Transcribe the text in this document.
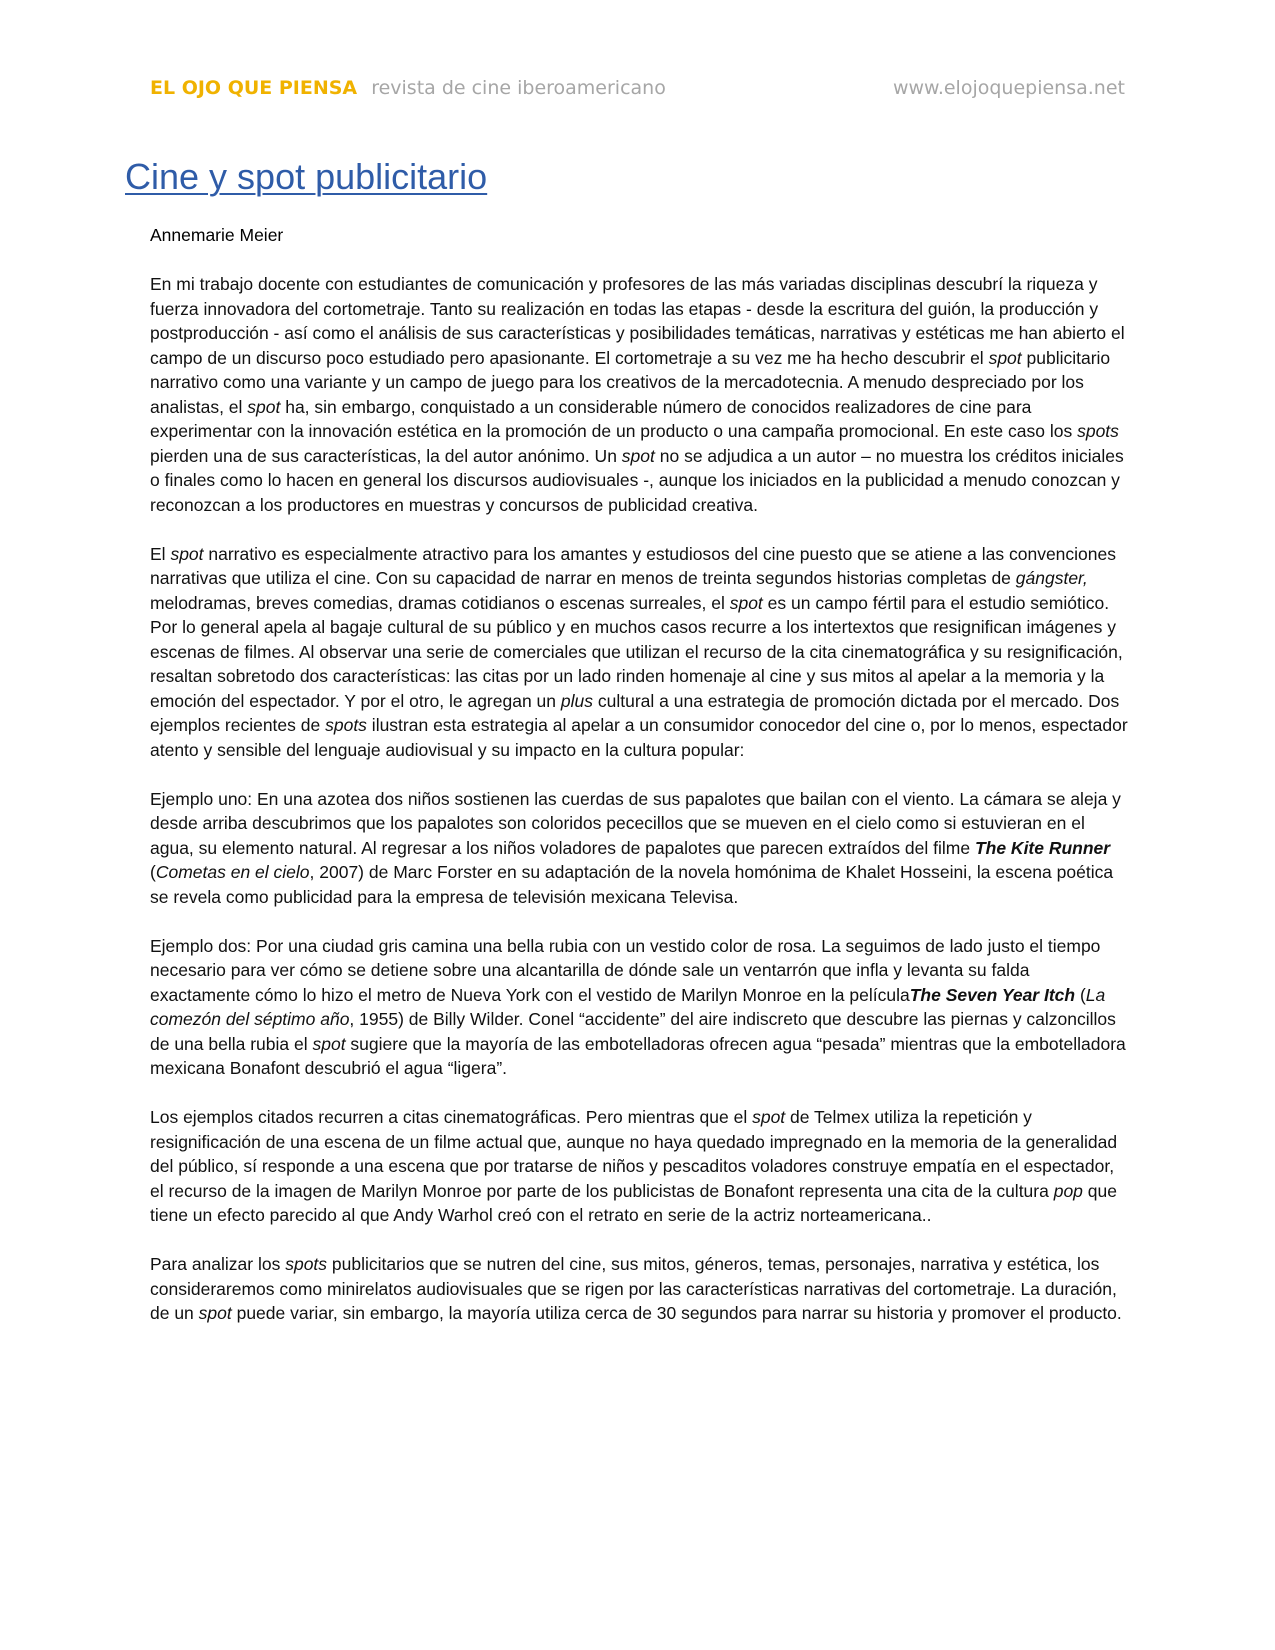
EL OJO QUE PIENSA revista de cine iberoamericano	www.elojoquepiensa.net
Cine y spot publicitario
Annemarie Meier

En mi trabajo docente con estudiantes de comunicación y profesores de las más variadas disciplinas descubrí la riqueza y fuerza innovadora del cortometraje. Tanto su realización en todas las etapas - desde la escritura del guión, la producción y postproducción - así como el análisis de sus características y posibilidades temáticas, narrativas y estéticas me han abierto el campo de un discurso poco estudiado pero apasionante. El cortometraje a su vez me ha hecho descubrir el spot publicitario narrativo como una variante y un campo de juego para los creativos de la mercadotecnia. A menudo despreciado por los analistas, el spot ha, sin embargo, conquistado a un considerable número de conocidos realizadores de cine para experimentar con la innovación estética en la promoción de un producto o una campaña promocional. En este caso los spots pierden una de sus características, la del autor anónimo. Un spot no se adjudica a un autor – no muestra los créditos iniciales o finales como lo hacen en general los discursos audiovisuales -, aunque los iniciados en la publicidad a menudo conozcan y reconozcan a los productores en muestras y concursos de publicidad creativa.

El spot narrativo es especialmente atractivo para los amantes y estudiosos del cine puesto que se atiene a las convenciones narrativas que utiliza el cine. Con su capacidad de narrar en menos de treinta segundos historias completas de gángster, melodramas, breves comedias, dramas cotidianos o escenas surreales, el spot es un campo fértil para el estudio semiótico. Por lo general apela al bagaje cultural de su público y en muchos casos recurre a los intertextos que resignifican imágenes y escenas de filmes. Al observar una serie de comerciales que utilizan el recurso de la cita cinematográfica y su resignificación, resaltan sobretodo dos características: las citas por un lado rinden homenaje al cine y sus mitos al apelar a la memoria y la emoción del espectador. Y por el otro, le agregan un plus cultural a una estrategia de promoción dictada por el mercado. Dos ejemplos recientes de spots ilustran esta estrategia al apelar a un consumidor conocedor del cine o, por lo menos, espectador atento y sensible del lenguaje audiovisual y su impacto en la cultura popular:

Ejemplo uno: En una azotea dos niños sostienen las cuerdas de sus papalotes que bailan con el viento. La cámara se aleja y desde arriba descubrimos que los papalotes son coloridos pececillos que se mueven en el cielo como si estuvieran en el agua, su elemento natural. Al regresar a los niños voladores de papalotes que parecen extraídos del filme The Kite Runner (Cometas en el cielo, 2007) de Marc Forster en su adaptación de la novela homónima de Khalet Hosseini, la escena poética se revela como publicidad para la empresa de televisión mexicana Televisa.

Ejemplo dos: Por una ciudad gris camina una bella rubia con un vestido color de rosa. La seguimos de lado justo el tiempo necesario para ver cómo se detiene sobre una alcantarilla de dónde sale un ventarrón que infla y levanta su falda exactamente cómo lo hizo el metro de Nueva York con el vestido de Marilyn Monroe en la películaThe Seven Year Itch (La comezón del séptimo año, 1955) de Billy Wilder. Conel “accidente” del aire indiscreto que descubre las piernas y calzoncillos de una bella rubia el spot sugiere que la mayoría de las embotelladoras ofrecen agua “pesada” mientras que la embotelladora mexicana Bonafont descubrió el agua “ligera”.

Los ejemplos citados recurren a citas cinematográficas. Pero mientras que el spot de Telmex utiliza la repetición y resignificación de una escena de un filme actual que, aunque no haya quedado impregnado en la memoria de la generalidad del público, sí responde a una escena que por tratarse de niños y pescaditos voladores construye empatía en el espectador, el recurso de la imagen de Marilyn Monroe por parte de los publicistas de Bonafont representa una cita de la cultura pop que tiene un efecto parecido al que Andy Warhol creó con el retrato en serie de la actriz norteamericana..

Para analizar los spots publicitarios que se nutren del cine, sus mitos, géneros, temas, personajes, narrativa y estética, los consideraremos como minirelatos audiovisuales que se rigen por las características narrativas del cortometraje. La duración, de un spot puede variar, sin embargo, la mayoría utiliza cerca de 30 segundos para narrar su historia y promover el producto.
